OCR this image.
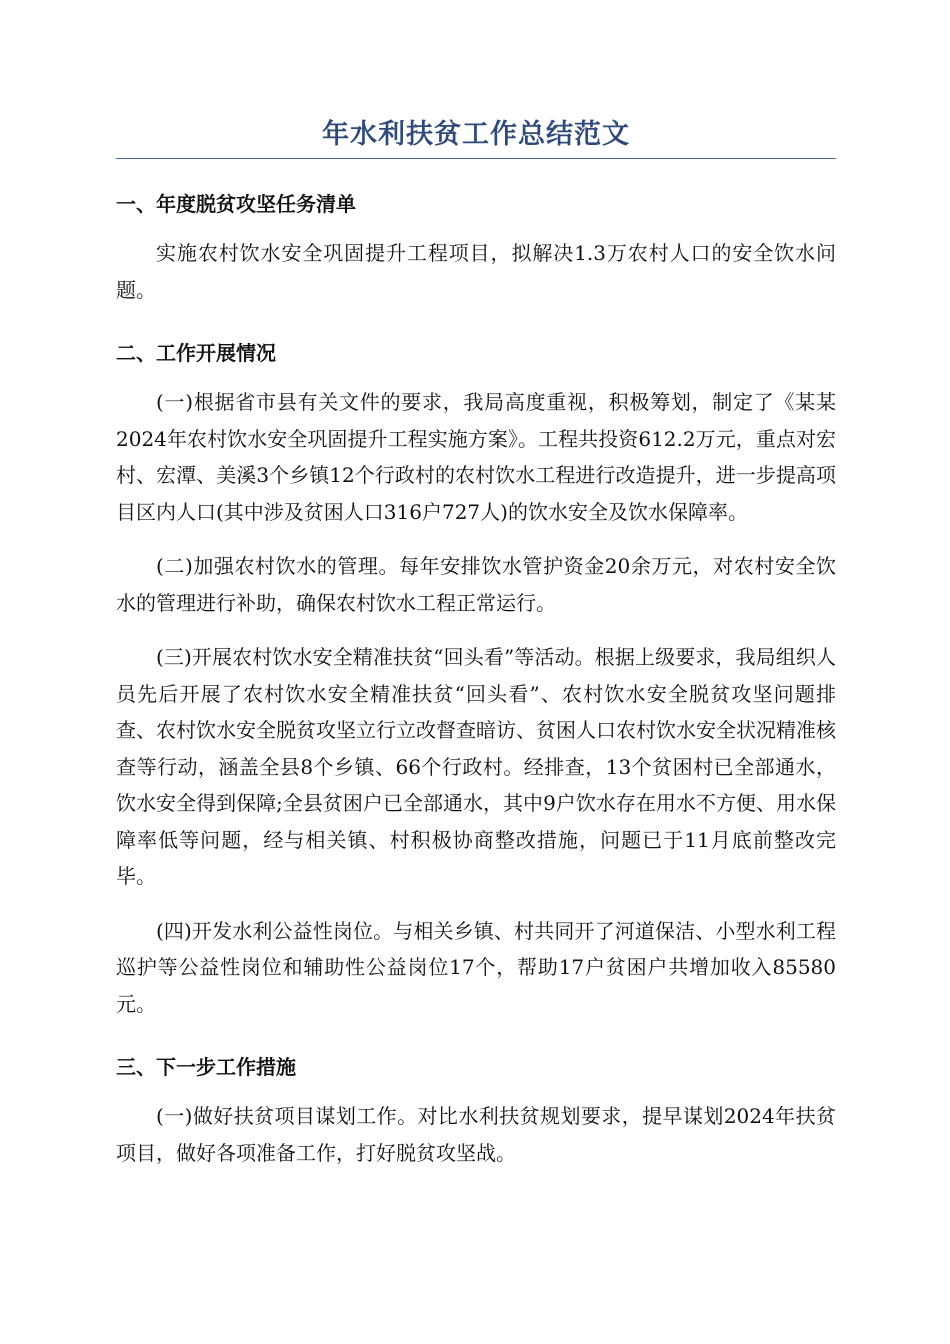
年水利扶贫工作总结范文
一、年度脱贫攻坚任务清单

实施农村饮水安全巩固提升工程项目，拟解决1.3万农村人口的安全饮水问题。

二、工作开展情况

(一)根据省市县有关文件的要求，我局高度重视，积极筹划，制定了《某某2024年农村饮水安全巩固提升工程实施方案》。工程共投资612.2万元，重点对宏村、宏潭、美溪3个乡镇12个行政村的农村饮水工程进行改造提升，进一步提高项目区内人口(其中涉及贫困人口316户727人)的饮水安全及饮水保障率。

(二)加强农村饮水的管理。每年安排饮水管护资金20余万元，对农村安全饮水的管理进行补助，确保农村饮水工程正常运行。

(三)开展农村饮水安全精准扶贫“回头看”等活动。根据上级要求，我局组织人员先后开展了农村饮水安全精准扶贫“回头看”、农村饮水安全脱贫攻坚问题排查、农村饮水安全脱贫攻坚立行立改督查暗访、贫困人口农村饮水安全状况精准核查等行动，涵盖全县8个乡镇、66个行政村。经排查，13个贫困村已全部通水，饮水安全得到保障;全县贫困户已全部通水，其中9户饮水存在用水不方便、用水保障率低等问题，经与相关镇、村积极协商整改措施，问题已于11月底前整改完毕。

(四)开发水利公益性岗位。与相关乡镇、村共同开了河道保洁、小型水利工程巡护等公益性岗位和辅助性公益岗位17个，帮助17户贫困户共增加收入85580元。

三、下一步工作措施

(一)做好扶贫项目谋划工作。对比水利扶贫规划要求，提早谋划2024年扶贫项目，做好各项准备工作，打好脱贫攻坚战。
